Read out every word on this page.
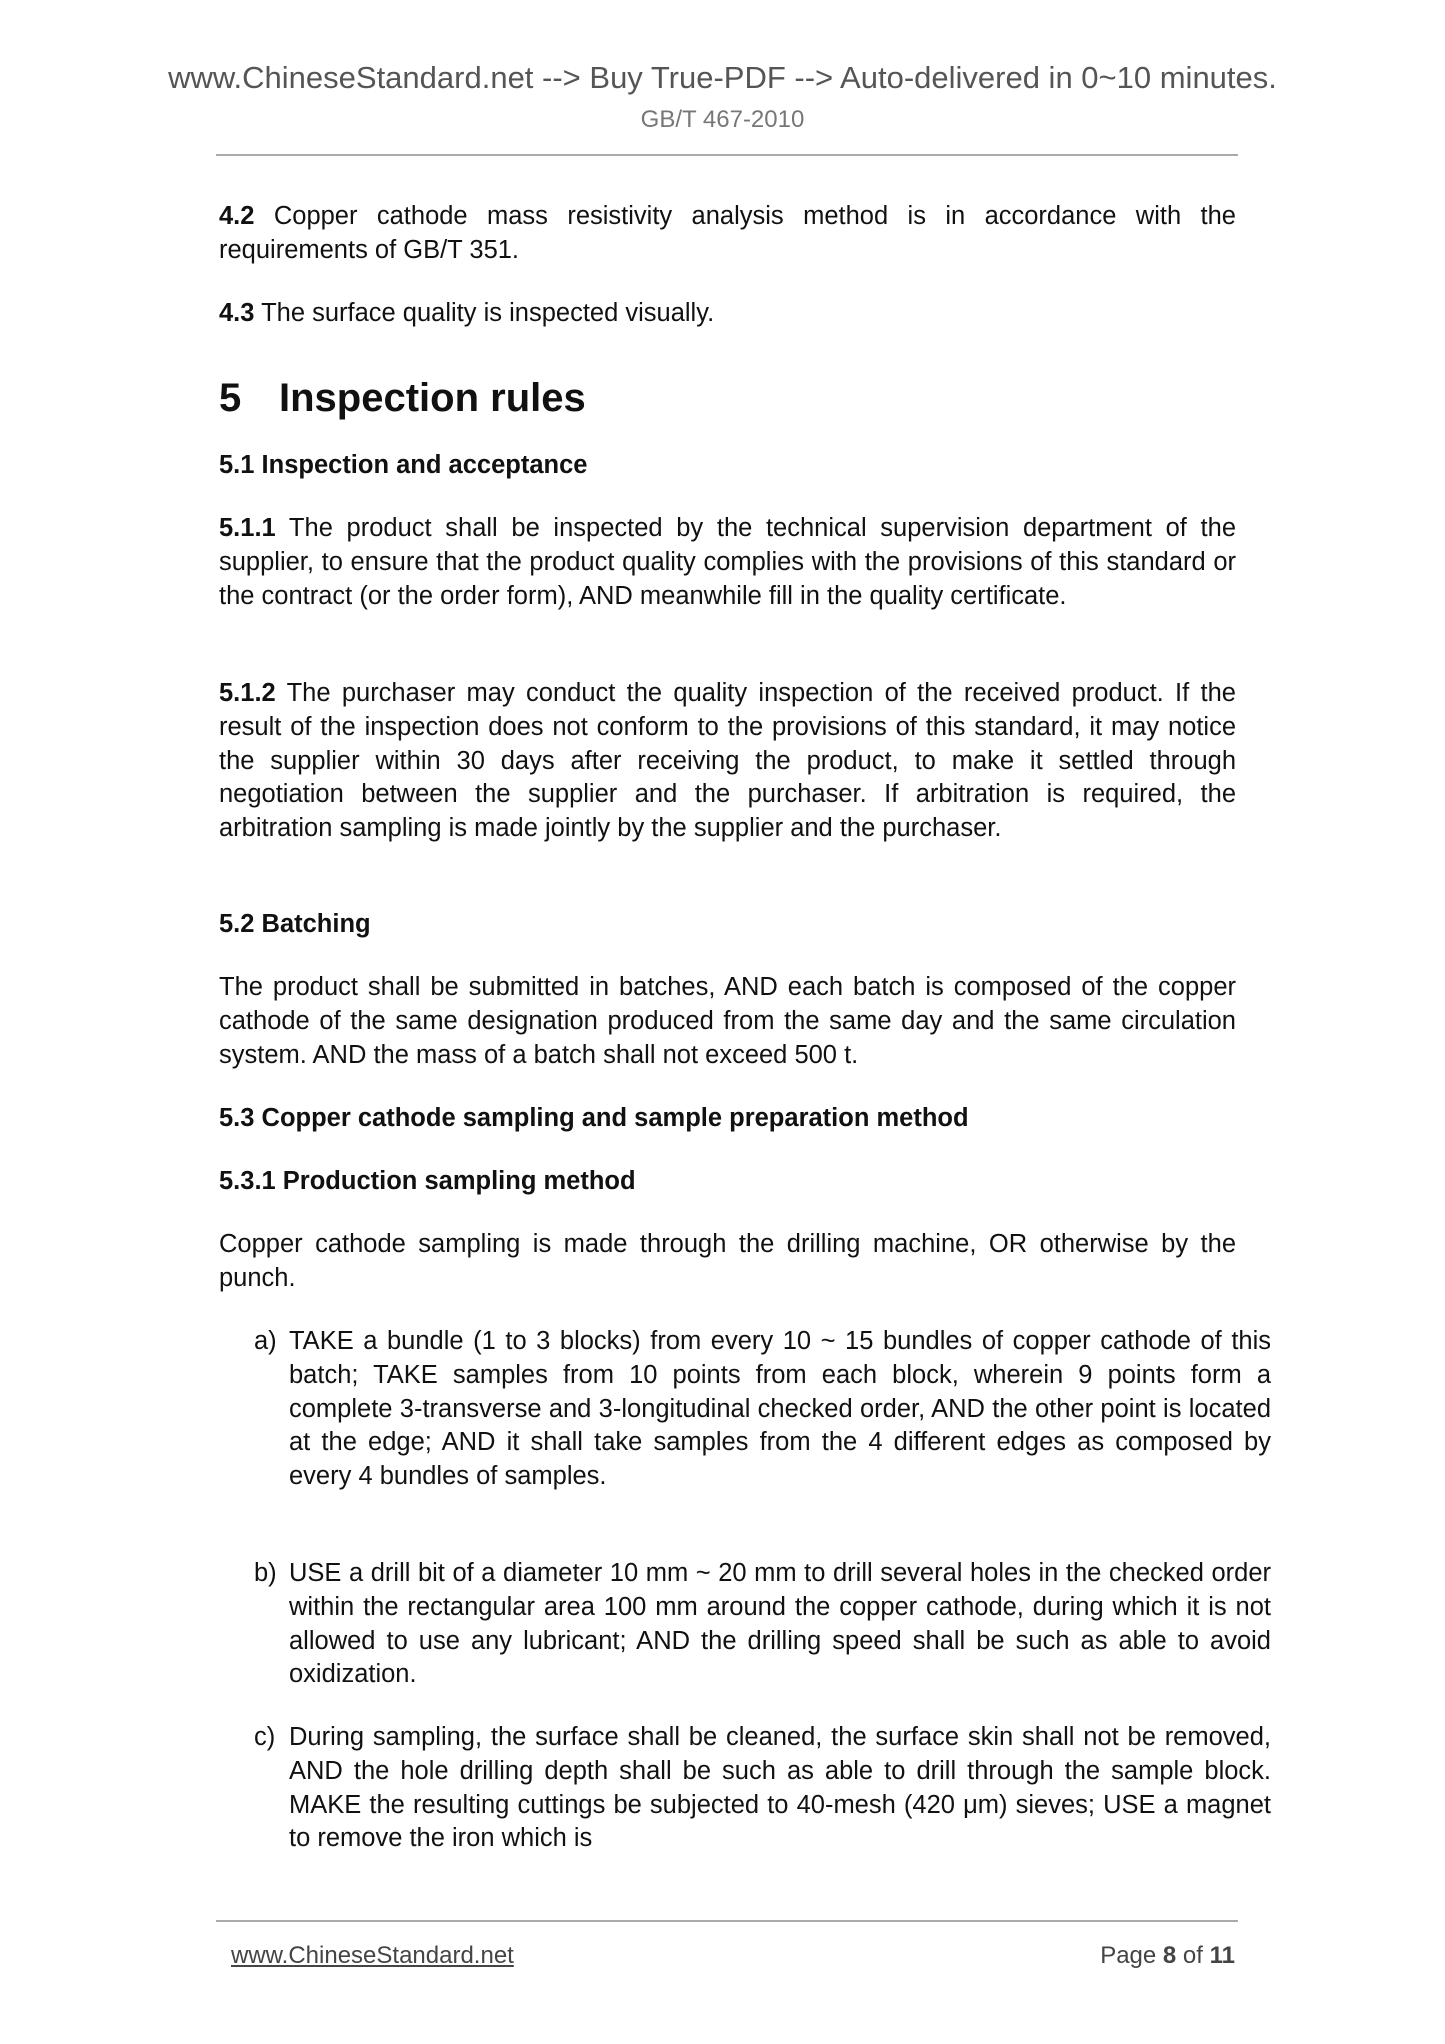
www.ChineseStandard.net --> Buy True-PDF --> Auto-delivered in 0~10 minutes.
GB/T 467-2010
4.2 Copper cathode mass resistivity analysis method is in accordance with the requirements of GB/T 351.
4.3 The surface quality is inspected visually.
5 Inspection rules
5.1 Inspection and acceptance
5.1.1 The product shall be inspected by the technical supervision department of the supplier, to ensure that the product quality complies with the provisions of this standard or the contract (or the order form), AND meanwhile fill in the quality certificate.
5.1.2 The purchaser may conduct the quality inspection of the received product. If the result of the inspection does not conform to the provisions of this standard, it may notice the supplier within 30 days after receiving the product, to make it settled through negotiation between the supplier and the purchaser. If arbitration is required, the arbitration sampling is made jointly by the supplier and the purchaser.
5.2 Batching
The product shall be submitted in batches, AND each batch is composed of the copper cathode of the same designation produced from the same day and the same circulation system. AND the mass of a batch shall not exceed 500 t.
5.3 Copper cathode sampling and sample preparation method
5.3.1 Production sampling method
Copper cathode sampling is made through the drilling machine, OR otherwise by the punch.
a) TAKE a bundle (1 to 3 blocks) from every 10 ~ 15 bundles of copper cathode of this batch; TAKE samples from 10 points from each block, wherein 9 points form a complete 3-transverse and 3-longitudinal checked order, AND the other point is located at the edge; AND it shall take samples from the 4 different edges as composed by every 4 bundles of samples.
b) USE a drill bit of a diameter 10 mm ~ 20 mm to drill several holes in the checked order within the rectangular area 100 mm around the copper cathode, during which it is not allowed to use any lubricant; AND the drilling speed shall be such as able to avoid oxidization.
c) During sampling, the surface shall be cleaned, the surface skin shall not be removed, AND the hole drilling depth shall be such as able to drill through the sample block. MAKE the resulting cuttings be subjected to 40-mesh (420 μm) sieves; USE a magnet to remove the iron which is
www.ChineseStandard.net	Page 8 of 11
